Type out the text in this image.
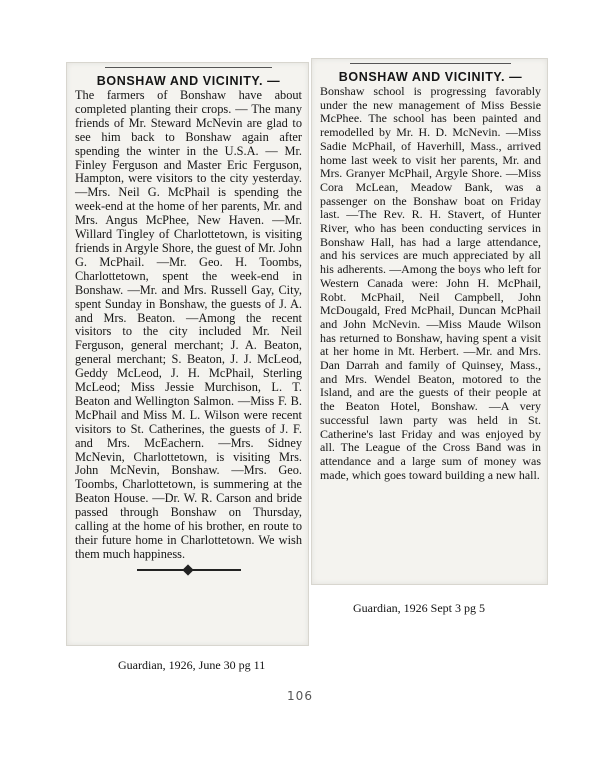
BONSHAW AND VICINITY. —
The farmers of Bonshaw have about completed planting their crops. — The many friends of Mr. Steward McNevin are glad to see him back to Bonshaw again after spending the winter in the U.S.A. — Mr. Finley Ferguson and Master Eric Ferguson, Hampton, were visitors to the city yesterday. —Mrs. Neil G. McPhail is spending the week-end at the home of her parents, Mr. and Mrs. Angus McPhee, New Haven. —Mr. Willard Tingley of Charlottetown, is visiting friends in Argyle Shore, the guest of Mr. John G. McPhail. —Mr. Geo. H. Toombs, Charlottetown, spent the week-end in Bonshaw. —Mr. and Mrs. Russell Gay, City, spent Sunday in Bonshaw, the guests of J. A. and Mrs. Beaton. —Among the recent visitors to the city included Mr. Neil Ferguson, general merchant; J. A. Beaton, general merchant; S. Beaton, J. J. McLeod, Geddy McLeod, J. H. McPhail, Sterling McLeod; Miss Jessie Murchison, L. T. Beaton and Wellington Salmon. —Miss F. B. McPhail and Miss M. L. Wilson were recent visitors to St. Catherines, the guests of J. F. and Mrs. McEachern. —Mrs. Sidney McNevin, Charlottetown, is visiting Mrs. John McNevin, Bonshaw. —Mrs. Geo. Toombs, Charlottetown, is summering at the Beaton House. —Dr. W. R. Carson and bride passed through Bonshaw on Thursday, calling at the home of his brother, en route to their future home in Charlottetown. We wish them much happiness.
BONSHAW AND VICINITY. —
Bonshaw school is progressing favorably under the new management of Miss Bessie McPhee. The school has been painted and remodelled by Mr. H. D. McNevin. —Miss Sadie McPhail, of Haverhill, Mass., arrived home last week to visit her parents, Mr. and Mrs. Granyer McPhail, Argyle Shore. —Miss Cora McLean, Meadow Bank, was a passenger on the Bonshaw boat on Friday last. —The Rev. R. H. Stavert, of Hunter River, who has been conducting services in Bonshaw Hall, has had a large attendance, and his services are much appreciated by all his adherents. —Among the boys who left for Western Canada were: John H. McPhail, Robt. McPhail, Neil Campbell, John McDougald, Fred McPhail, Duncan McPhail and John McNevin. —Miss Maude Wilson has returned to Bonshaw, having spent a visit at her home in Mt. Herbert. —Mr. and Mrs. Dan Darrah and family of Quinsey, Mass., and Mrs. Wendel Beaton, motored to the Island, and are the guests of their people at the Beaton Hotel, Bonshaw. —A very successful lawn party was held in St. Catherine's last Friday and was enjoyed by all. The League of the Cross Band was in attendance and a large sum of money was made, which goes toward building a new hall.
Guardian, 1926, June 30 pg 11
Guardian, 1926 Sept 3 pg 5
106
